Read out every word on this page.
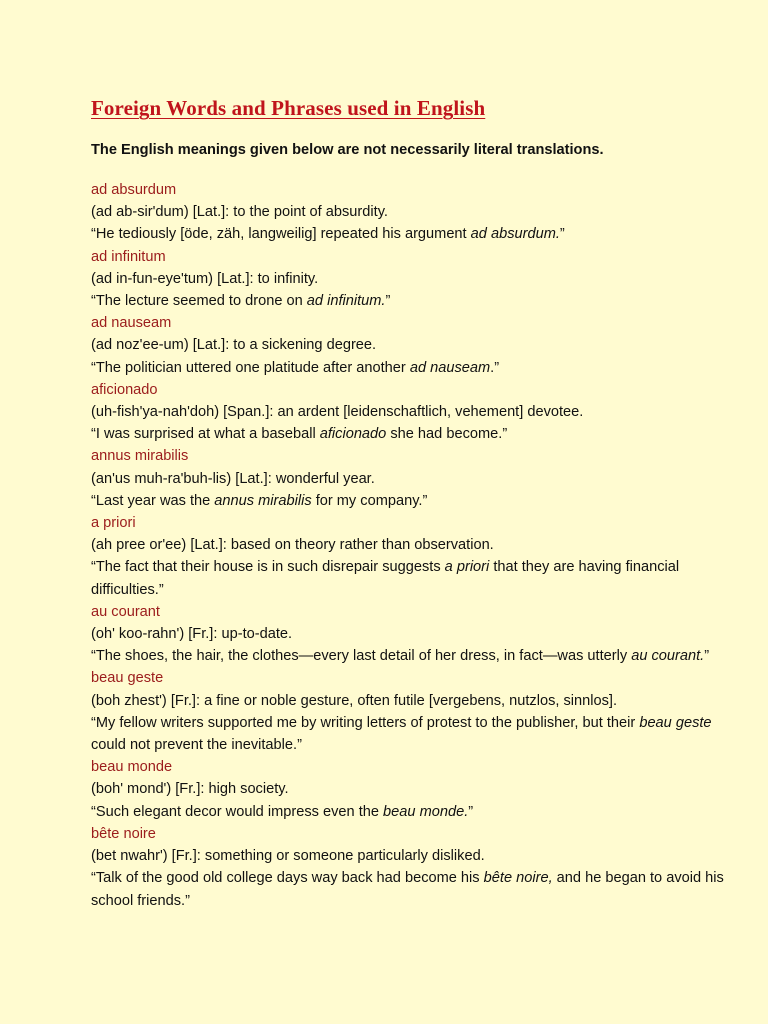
Foreign Words and Phrases used in English

The English meanings given below are not necessarily literal translations.

ad absurdum
(ad ab-sir'dum) [Lat.]: to the point of absurdity.
“He tediously [öde, zäh, langweilig] repeated his argument ad absurdum.”
ad infinitum
(ad in-fun-eye'tum) [Lat.]: to infinity.
“The lecture seemed to drone on ad infinitum.”
ad nauseam
(ad noz'ee-um) [Lat.]: to a sickening degree.
“The politician uttered one platitude after another ad nauseam.”
aficionado
(uh-fish'ya-nah'doh) [Span.]: an ardent [leidenschaftlich, vehement] devotee.
“I was surprised at what a baseball aficionado she had become.”
annus mirabilis
(an'us muh-ra'buh-lis) [Lat.]: wonderful year.
“Last year was the annus mirabilis for my company.”
a priori
(ah pree or'ee) [Lat.]: based on theory rather than observation.
“The fact that their house is in such disrepair suggests a priori that they are having financial difficulties.”
au courant
(oh' koo-rahn') [Fr.]: up-to-date.
“The shoes, the hair, the clothes—every last detail of her dress, in fact—was utterly au courant.”
beau geste
(boh zhest') [Fr.]: a fine or noble gesture, often futile [vergebens, nutzlos, sinnlos].
“My fellow writers supported me by writing letters of protest to the publisher, but their beau geste could not prevent the inevitable.”
beau monde
(boh' mond') [Fr.]: high society.
“Such elegant decor would impress even the beau monde.”
bête noire
(bet nwahr') [Fr.]: something or someone particularly disliked.
“Talk of the good old college days way back had become his bête noire, and he began to avoid his school friends.”
